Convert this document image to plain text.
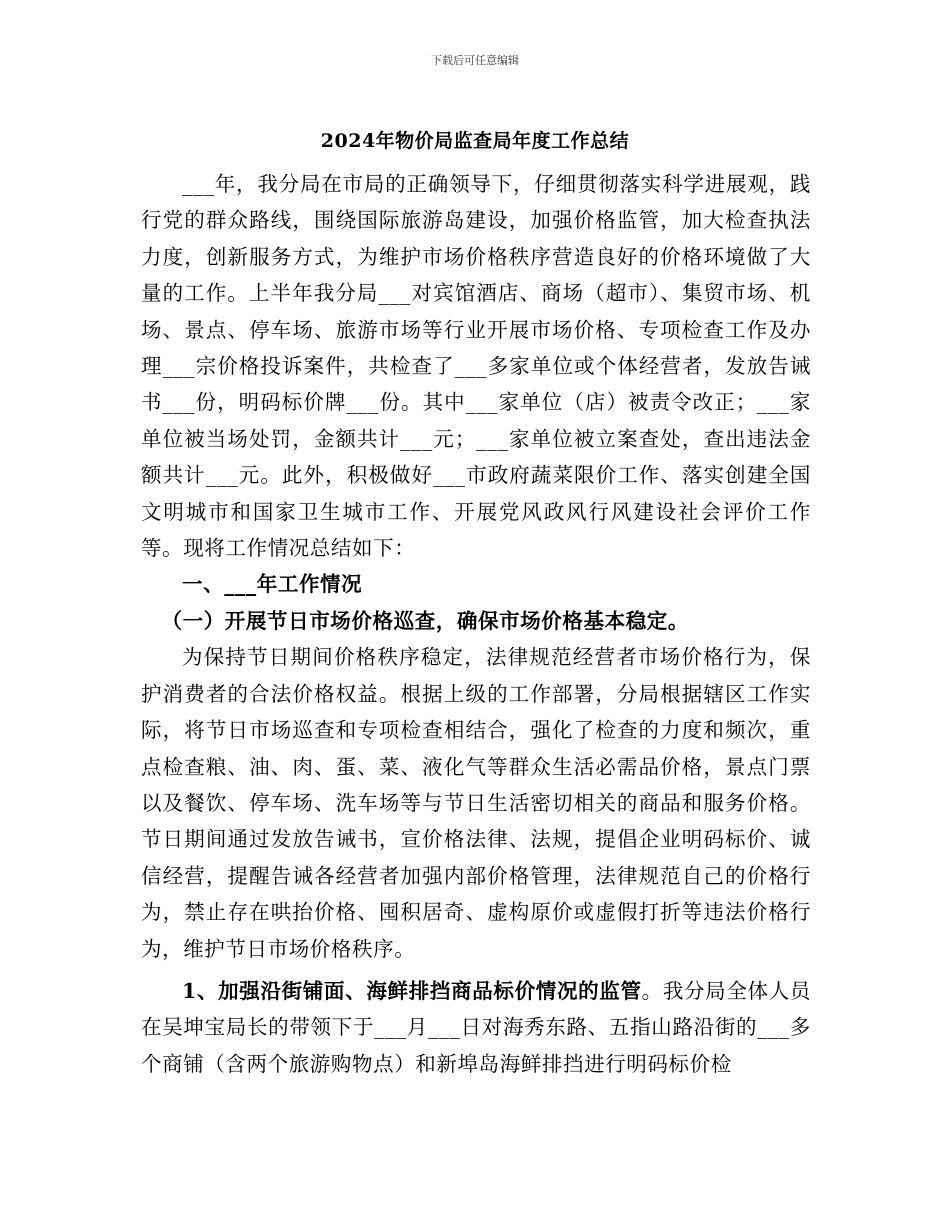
下载后可任意编辑
2024年物价局监查局年度工作总结

___年，我分局在市局的正确领导下，仔细贯彻落实科学进展观，践行党的群众路线，围绕国际旅游岛建设，加强价格监管，加大检查执法力度，创新服务方式，为维护市场价格秩序营造良好的价格环境做了大量的工作。上半年我分局___对宾馆酒店、商场（超市）、集贸市场、机场、景点、停车场、旅游市场等行业开展市场价格、专项检查工作及办理___宗价格投诉案件，共检查了___多家单位或个体经营者，发放告诫书___份，明码标价牌___份。其中___家单位（店）被责令改正；___家单位被当场处罚，金额共计___元；___家单位被立案查处，查出违法金额共计___元。此外，积极做好___市政府蔬菜限价工作、落实创建全国文明城市和国家卫生城市工作、开展党风政风行风建设社会评价工作等。现将工作情况总结如下：

一、___年工作情况

（一）开展节日市场价格巡查，确保市场价格基本稳定。

为保持节日期间价格秩序稳定，法律规范经营者市场价格行为，保护消费者的合法价格权益。根据上级的工作部署，分局根据辖区工作实际，将节日市场巡查和专项检查相结合，强化了检查的力度和频次，重点检查粮、油、肉、蛋、菜、液化气等群众生活必需品价格，景点门票以及餐饮、停车场、洗车场等与节日生活密切相关的商品和服务价格。节日期间通过发放告诫书，宣价格法律、法规，提倡企业明码标价、诚信经营，提醒告诫各经营者加强内部价格管理，法律规范自己的价格行为，禁止存在哄抬价格、囤积居奇、虚构原价或虚假打折等违法价格行为，维护节日市场价格秩序。

1、加强沿街铺面、海鲜排挡商品标价情况的监管。我分局全体人员在吴坤宝局长的带领下于___月___日对海秀东路、五指山路沿街的___多个商铺（含两个旅游购物点）和新埠岛海鲜排挡进行明码标价检
